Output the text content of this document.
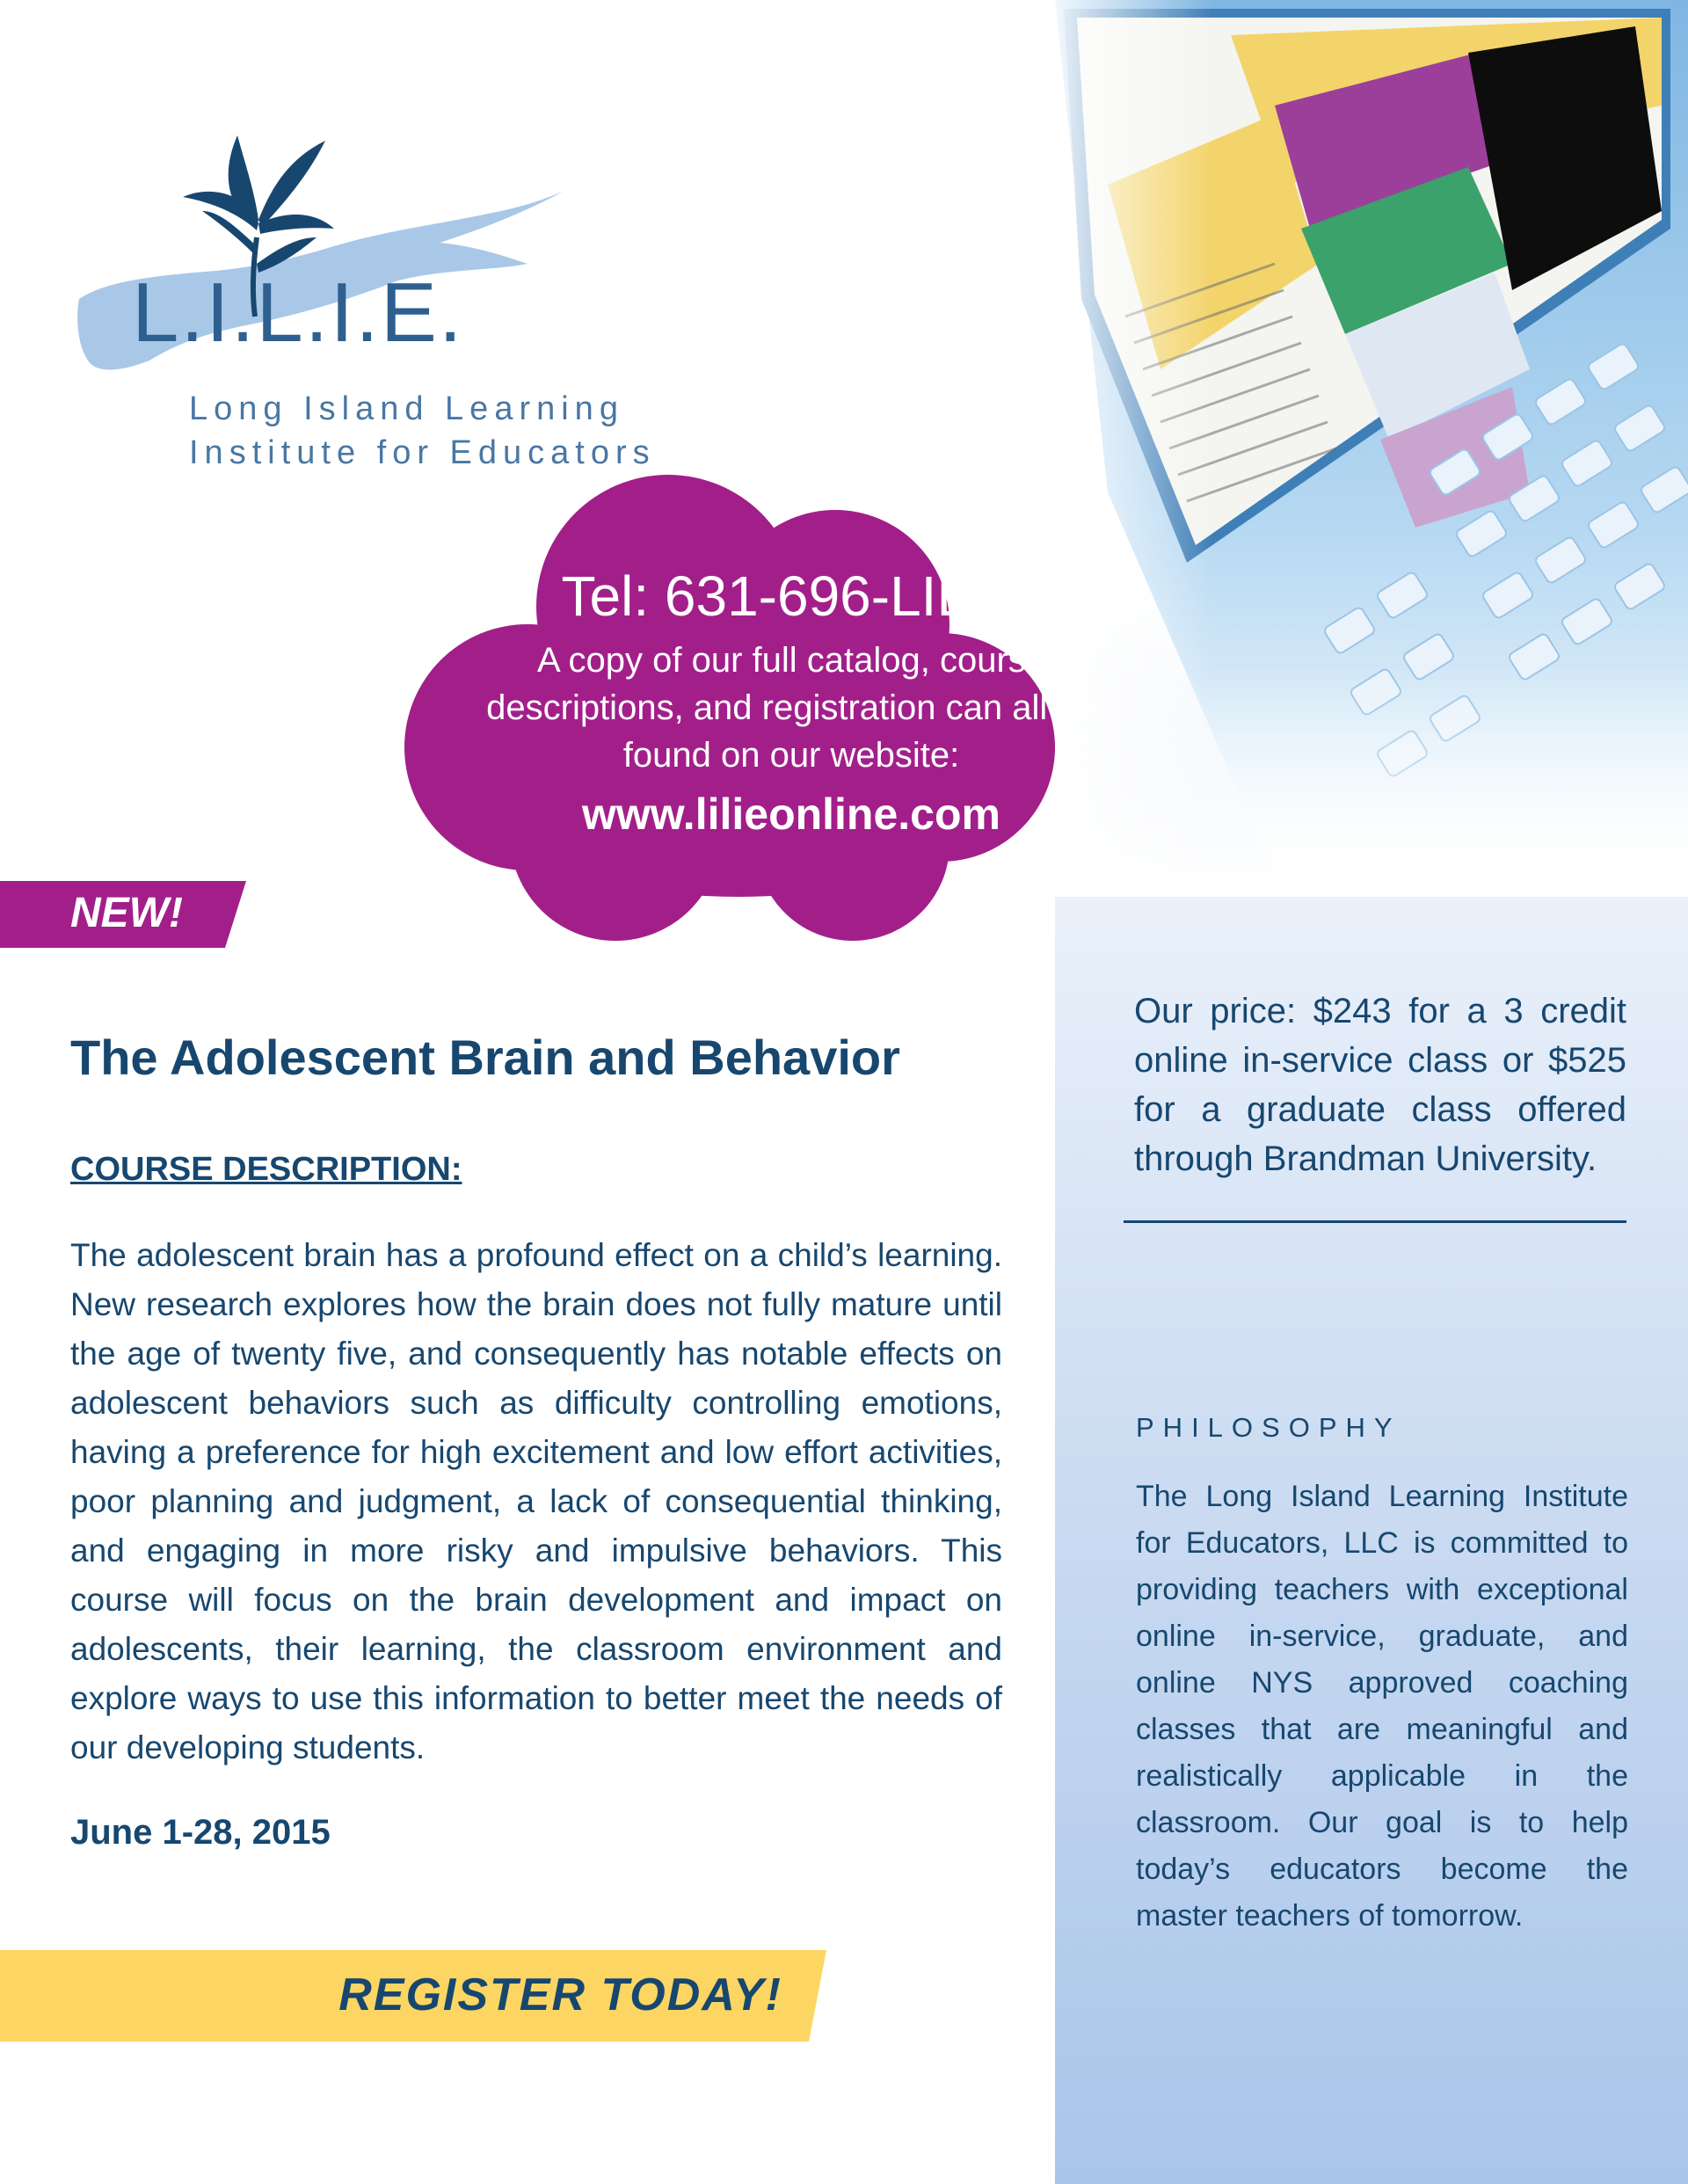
L.I.L.I.E.
Long Island Learning
Institute for Educators
Tel: 631-696-LILIE
A copy of our full catalog, course descriptions, and registration can all be found on our website:
www.lilieonline.com
NEW!
The Adolescent Brain and Behavior
COURSE DESCRIPTION:
The adolescent brain has a profound effect on a child’s learning. New research explores how the brain does not fully mature until the age of twenty five, and consequently has notable effects on adolescent behaviors such as difficulty controlling emotions, having a preference for high excitement and low effort activities, poor planning and judgment, a lack of consequential thinking, and engaging in more risky and impulsive behaviors. This course will focus on the brain development and impact on adolescents, their learning, the classroom environment and explore ways to use this information to better meet the needs of our developing students.
June 1-28, 2015
REGISTER TODAY!
Our price: $243 for a 3 credit online in-service class or $525 for a graduate class offered through Brandman University.
PHILOSOPHY
The Long Island Learning Institute for Educators, LLC is committed to providing teachers with exceptional online in-service, graduate, and online NYS approved coaching classes that are meaningful and realistically applicable in the classroom. Our goal is to help today’s educators become the master teachers of tomorrow.
